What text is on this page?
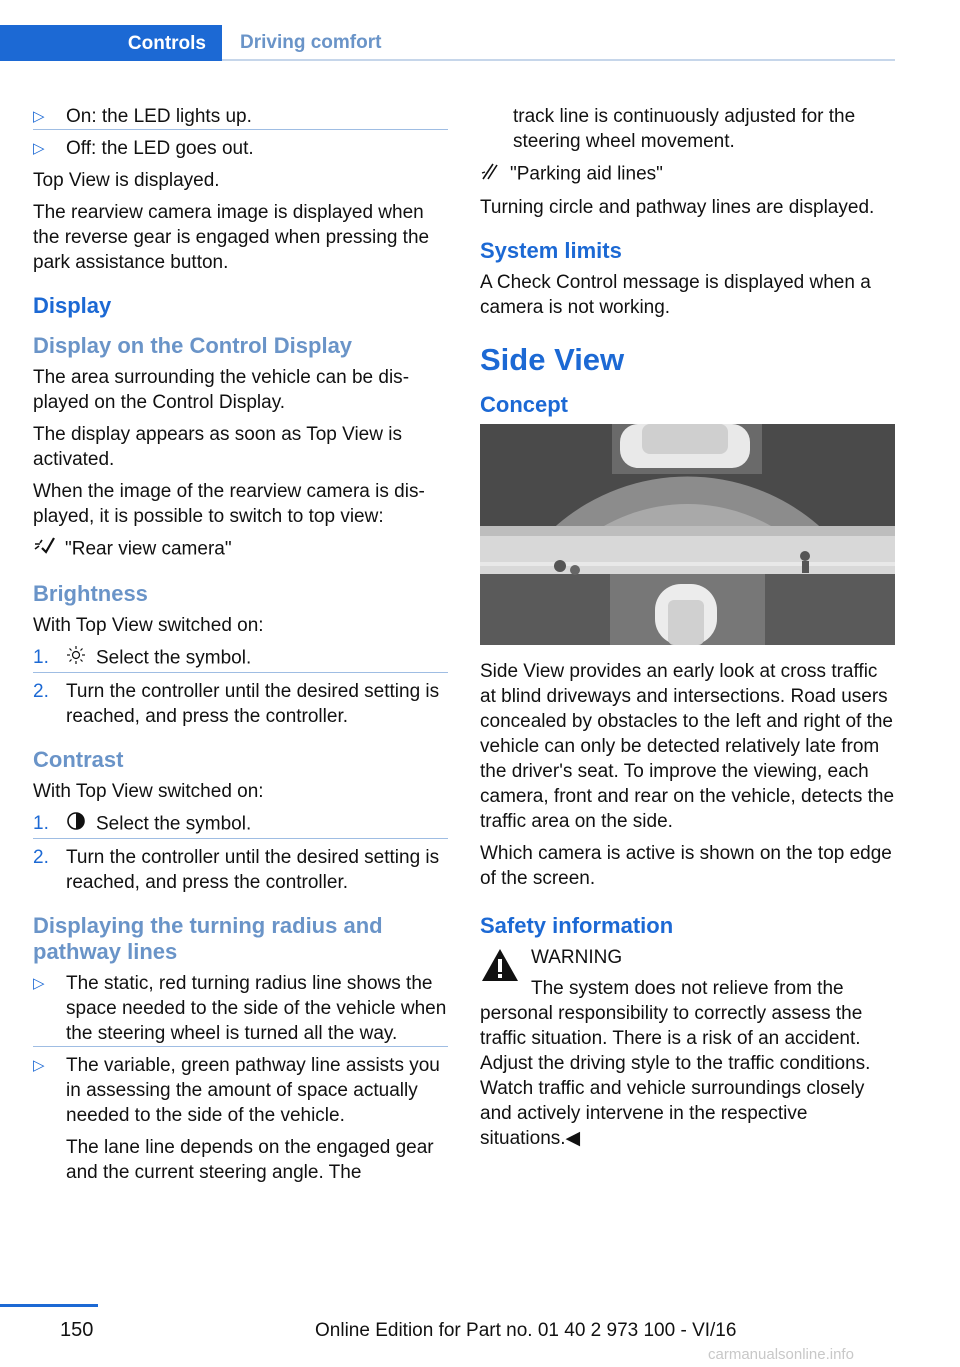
Controls	Driving comfort
▷ On: the LED lights up.
▷ Off: the LED goes out.

Top View is displayed.

The rearview camera image is displayed when the reverse gear is engaged when pressing the park assistance button.

Display
Display on the Control Display

The area surrounding the vehicle can be displayed on the Control Display.

The display appears as soon as Top View is activated.

When the image of the rearview camera is displayed, it is possible to switch to top view:

"Rear view camera"

Brightness

With Top View switched on:

1. Select the symbol.
2. Turn the controller until the desired setting is reached, and press the controller.
Contrast

With Top View switched on:

1. Select the symbol.
2. Turn the controller until the desired setting is reached, and press the controller.
Displaying the turning radius and pathway lines
▷ The static, red turning radius line shows the space needed to the side of the vehicle when the steering wheel is turned all the way.
▷ The variable, green pathway line assists you in assessing the amount of space actually needed to the side of the vehicle.

The lane line depends on the engaged gear and the current steering angle. The

track line is continuously adjusted for the steering wheel movement.

"Parking aid lines"

Turning circle and pathway lines are displayed.

System limits

A Check Control message is displayed when a camera is not working.

Side View
Concept

Side View provides an early look at cross traffic at blind driveways and intersections. Road users concealed by obstacles to the left and right of the vehicle can only be detected relatively late from the driver's seat. To improve the viewing, each camera, front and rear on the vehicle, detects the traffic area on the side.

Which camera is active is shown on the top edge of the screen.

Safety information
WARNING
The system does not relieve from the
personal responsibility to correctly assess the traffic situation. There is a risk of an accident. Adjust the driving style to the traffic conditions. Watch traffic and vehicle surroundings closely and actively intervene in the respective situations.◀
150	Online Edition for Part no. 01 40 2 973 100 - VI/16
carmanualsonline.info
